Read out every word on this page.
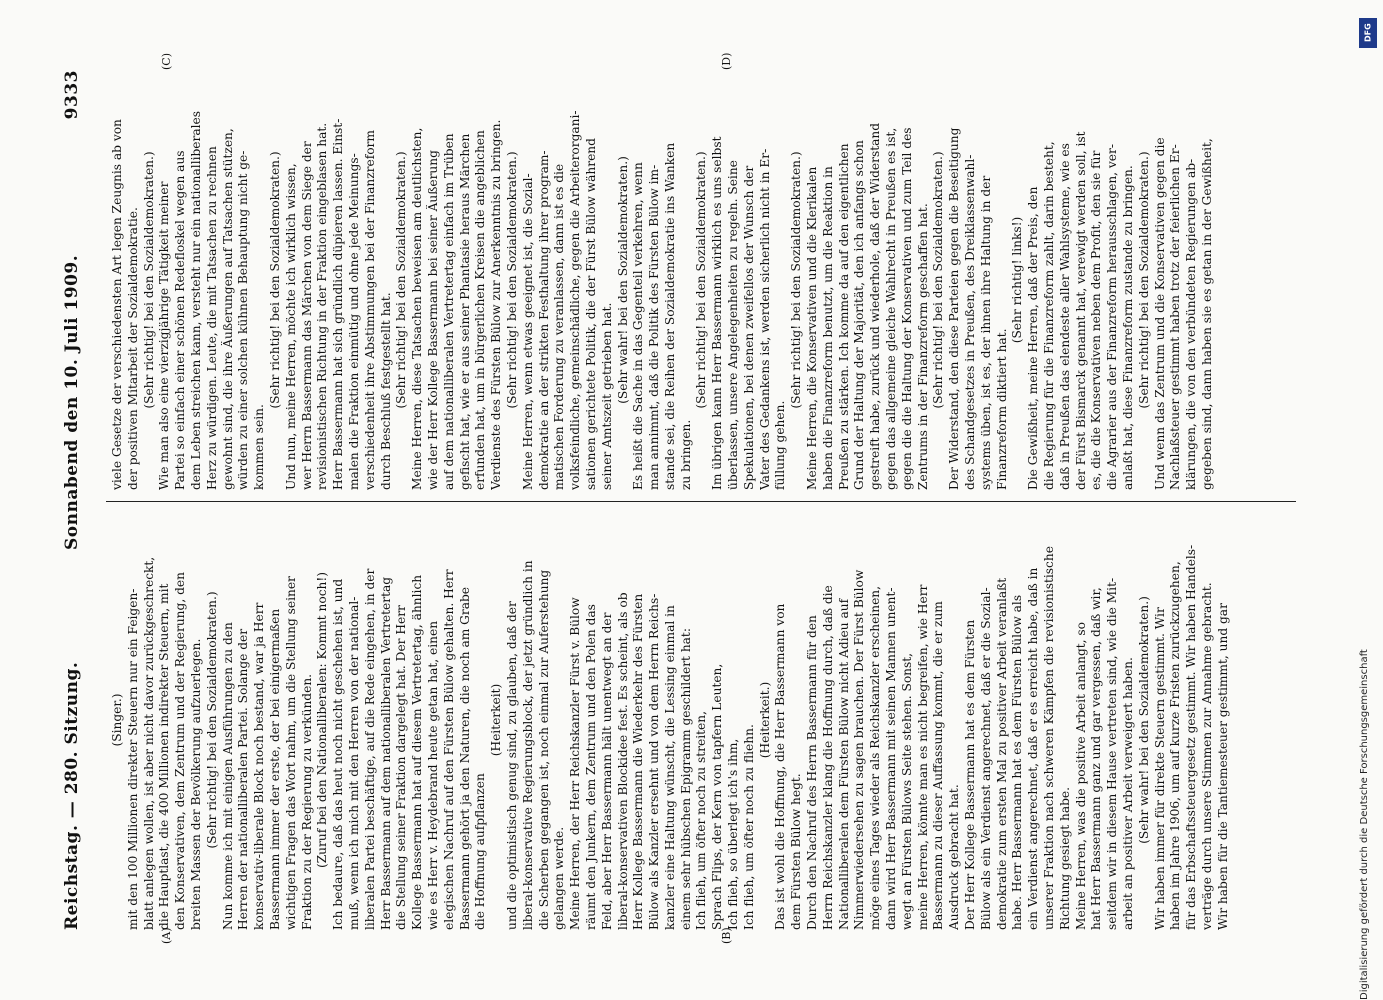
Reichstag. — 280. Sitzung.
Sonnabend den 10. Juli 1909.
9333
(Singer.) mit den 100 Millionen direkter Steuern nur ein Feigen- blatt anlegen wollen, ist aber nicht davor zurückgeschreckt, die Hauptlast, die 400 Millionen indirekter Steuern, mit den Konservativen, dem Zentrum und der Regierung, den breiten Massen der Bevölkerung aufzuerlegen. (Sehr richtig! bei den Sozialdemokraten.) Nun komme ich mit einigen Ausführungen zu den Herren der nationalliberalen Partei. Solange der konservativ-liberale Block noch bestand, war ja Herr Bassermann immer der erste, der bei einigermaßen wichtigen Fragen das Wort nahm, um die Stellung seiner Fraktion zu der Regierung zu verkünden. (Zuruf bei den Nationalliberalen: Kommt noch!) Ich bedaure, daß das heut noch nicht geschehen ist, und muß, wenn ich mich mit den Herren von der national- liberalen Partei beschäftige, auf die Rede eingehen, in der Herr Bassermann auf dem nationalliberalen Vertretertag die Stellung seiner Fraktion dargelegt hat. Der Herr Kollege Bassermann hat auf diesem Vertretertag, ähnlich wie es Herr v. Heydebrand heute getan hat, einen elegischen Nachruf auf den Fürsten Bülow gehalten. Herr Bassermann gehört ja den Naturen, die noch am Grabe die Hoffnung aufpflanzen
(Heiterkeit) und die optimistisch genug sind, zu glauben, daß der liberal-konservative Regierungsblock, der jetzt gründlich in die Scherben gegangen ist, noch einmal zur Auferstehung gelangen werde. Meine Herren, der Herr Reichskanzler Fürst v. Bülow räumt den Junkern, dem Zentrum und den Polen das Feld, aber Herr Bassermann hält unentwegt an der liberal-konservativen Blockidee fest. Es scheint, als ob Herr Kollege Bassermann die Wiederkehr des Fürsten Bülow als Kanzler ersehnt und von dem Herrn Reichs- kanzler eine Haltung wünscht, die Lessing einmal in einem sehr hübschen Epigramm geschildert hat: Ich flieh, um öfter noch zu streiten, Sprach Flips, der Kern von tapfern Leuten, Ich flieh, so überlegt ich's ihm, Ich flieh, um öfter noch zu fliehn.
(Heiterkeit.) Das ist wohl die Hoffnung, die Herr Bassermann von dem Fürsten Bülow hegt. Durch den Nachruf des Herrn Bassermann für den Herrn Reichskanzler klang die Hoffnung durch, daß die Nationalliberalen dem Fürsten Bülow nicht Adieu auf Nimmerwiedersehen zu sagen brauchen. Der Fürst Bülow möge eines Tages wieder als Reichskanzler erscheinen, dann wird Herr Bassermann mit seinen Mannen unent- wegt an Fürsten Bülows Seite stehen. Sonst, meine Herren, könnte man es nicht begreifen, wie Herr Bassermann zu dieser Auffassung kommt, die er zum Ausdruck gebracht hat. Der Herr Kollege Bassermann hat es dem Fürsten Bülow als ein Verdienst angerechnet, daß er die Sozial- demokratie zum ersten Mal zu positiver Arbeit veranlaßt habe. Herr Bassermann hat es dem Fürsten Bülow als ein Verdienst angerechnet, daß er es erreicht habe, daß in unserer Fraktion nach schweren Kämpfen die revisionistische Richtung gesiegt habe. Meine Herren, was die positive Arbeit anlangt, so hat Herr Bassermann ganz und gar vergessen, daß wir, seitdem wir in diesem Hause vertreten sind, wie die Mit- arbeit an positiver Arbeit verweigert haben. (Sehr wahr! bei den Sozialdemokraten.) Wir haben immer für direkte Steuern gestimmt. Wir haben im Jahre 1906, um auf kurze Fristen zurückzugehen, für das Erbschaftssteuergesetz gestimmt. Wir haben Handels- verträge durch unsere Stimmen zur Annahme gebracht. Wir haben für die Tantiemesteuer gestimmt, und gar
viele Gesetze der verschiedensten Art legen Zeugnis ab von der positiven Mitarbeit der Sozialdemokratie. (Sehr richtig! bei den Sozialdemokraten.) Wie man also eine vierzigjährige Tätigkeit meiner Partei so einfach einer schönen Redefloskel wegen aus dem Leben streichen kann, versteht nur ein nationalliberales Herz zu würdigen. Leute, die mit Tatsachen zu rechnen gewohnt sind, die ihre Äußerungen auf Tatsachen stützen, würden zu einer solchen kühnen Behauptung nicht ge- kommen sein.
(Sehr richtig! bei den Sozialdemokraten.) Und nun, meine Herren, möchte ich wirklich wissen, wer Herrn Bassermann das Märchen von dem Siege der revisionistischen Richtung in der Fraktion eingeblasen hat. Herr Bassermann hat sich gründlich düpieren lassen. Einst- malen die Fraktion einmütig und ohne jede Meinungs- verschiedenheit ihre Abstimmungen bei der Finanzreform durch Beschluß festgestellt hat. (Sehr richtig! bei den Sozialdemokraten.) Meine Herren, diese Tatsachen beweisen am deutlichsten, wie der Herr Kollege Bassermann bei seiner Äußerung auf dem nationalliberalen Vertretertag einfach im Trüben gefischt hat, wie er aus seiner Phantasie heraus Märchen erfunden hat, um in bürgerlichen Kreisen die angeblichen Verdienste des Fürsten Bülow zur Anerkenntnis zu bringen. (Sehr richtig! bei den Sozialdemokraten.) Meine Herren, wenn etwas geeignet ist, die Sozial- demokratie an der strikten Festhaltung ihrer program- matischen Forderung zu veranlassen, dann ist es die volksfeindliche, gemeinschädliche, gegen die Arbeiterorgani- sationen gerichtete Politik, die der Fürst Bülow während seiner Amtszeit getrieben hat. (Sehr wahr! bei den Sozialdemokraten.) Es heißt die Sache in das Gegenteil verkehren, wenn man annimmt, daß die Politik des Fürsten Bülow im- stande sei, die Reihen der Sozialdemokratie ins Wanken zu bringen.
(Sehr richtig! bei den Sozialdemokraten.) Im übrigen kann Herr Bassermann wirklich es uns selbst überlassen, unsere Angelegenheiten zu regeln. Seine Spekulationen, bei denen zweifellos der Wunsch der Vater des Gedankens ist, werden sicherlich nicht in Er- füllung gehen.
(Sehr richtig! bei den Sozialdemokraten.) Meine Herren, die Konservativen und die Klerikalen haben die Finanzreform benutzt, um die Reaktion in Preußen zu stärken. Ich komme da auf den eigentlichen Grund der Haltung der Majorität, den ich anfangs schon gestreift habe, zurück und wiederhole, daß der Widerstand gegen das allgemeine gleiche Wahlrecht in Preußen es ist, gegen die die Haltung der Konservativen und zum Teil des Zentrums in der Finanzreform geschaffen hat. (Sehr richtig! bei den Sozialdemokraten.) Der Widerstand, den diese Parteien gegen die Beseitigung des Schandgesetzes in Preußen, des Dreiklassenwahl- systems üben, ist es, der ihnen ihre Haltung in der Finanzreform diktiert hat.
(Sehr richtig! links!) Die Gewißheit, meine Herren, daß der Preis, den die Regierung für die Finanzreform zahlt, darin besteht, daß in Preußen das elendeste aller Wahlsysteme, wie es der Fürst Bismarck genannt hat, verewigt werden soll, ist es, die die Konservativen neben dem Profit, den sie für die Agrarier aus der Finanzreform herausschlagen, ver- anlaßt hat, diese Finanzreform zustande zu bringen. (Sehr richtig! bei den Sozialdemokraten.) Und wenn das Zentrum und die Konservativen gegen die Nachlaßsteuer gestimmt haben trotz der feierlichen Er- klärungen, die von den verbündeten Regierungen ab- gegeben sind, dann haben sie es getan in der Gewißheit,
(A)	(B)
(C)	(D)
DFG
Digitalisierung gefördert durch die Deutsche Forschungsgemeinschaft
